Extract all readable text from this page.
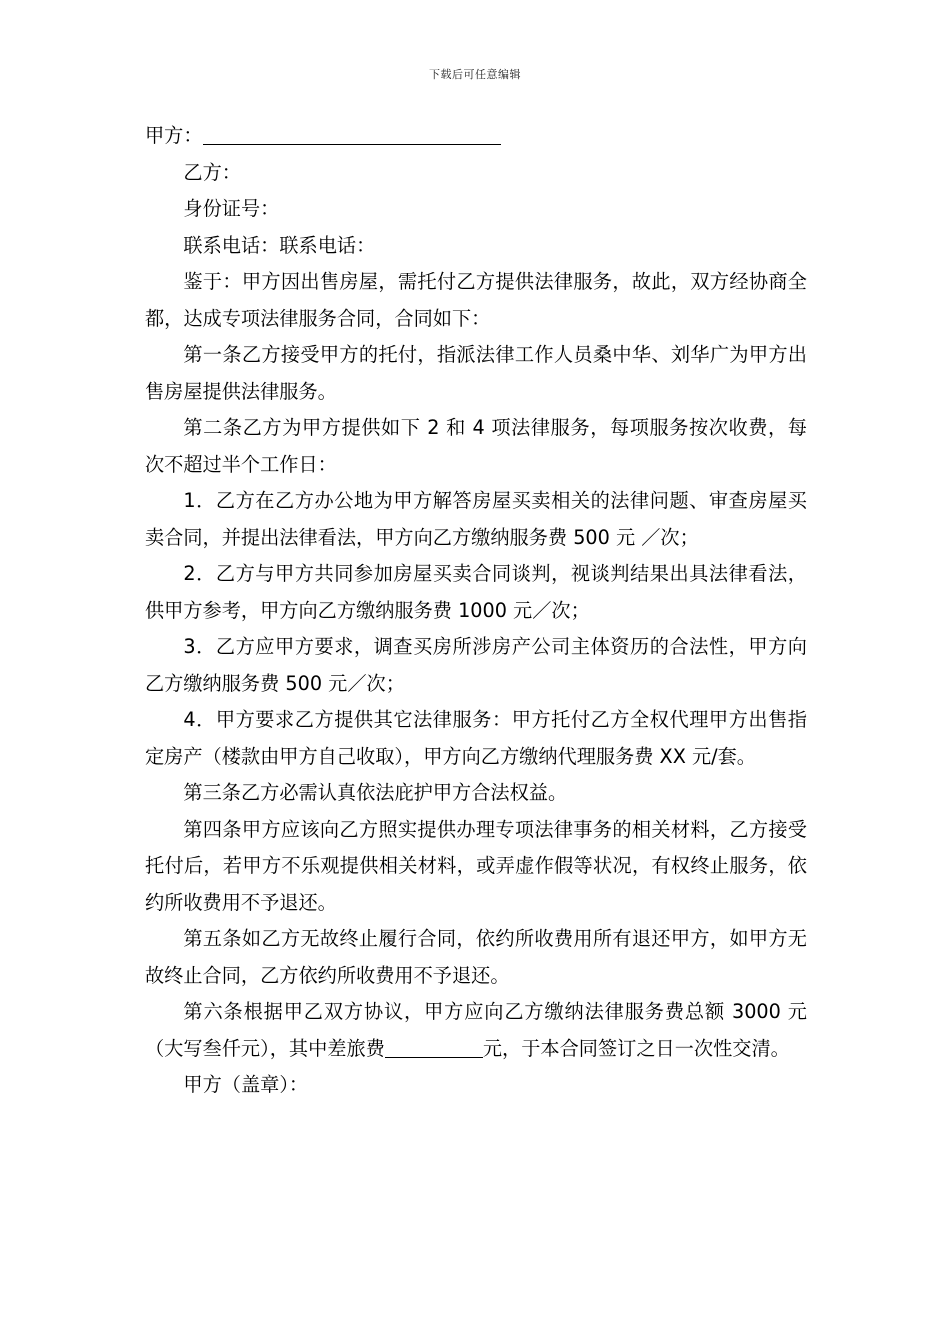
下载后可任意编辑

甲方：

乙方：

身份证号：

联系电话：联系电话：

鉴于：甲方因出售房屋，需托付乙方提供法律服务，故此，双方经协商全都，达成专项法律服务合同，合同如下：

第一条乙方接受甲方的托付，指派法律工作人员桑中华、刘华广为甲方出售房屋提供法律服务。

第二条乙方为甲方提供如下 2 和 4 项法律服务，每项服务按次收费，每次不超过半个工作日：

1．乙方在乙方办公地为甲方解答房屋买卖相关的法律问题、审查房屋买卖合同，并提出法律看法，甲方向乙方缴纳服务费 500 元 ／次；

2．乙方与甲方共同参加房屋买卖合同谈判，视谈判结果出具法律看法，供甲方参考，甲方向乙方缴纳服务费 1000 元／次；

3．乙方应甲方要求，调查买房所涉房产公司主体资历的合法性，甲方向乙方缴纳服务费 500 元／次；

4．甲方要求乙方提供其它法律服务：甲方托付乙方全权代理甲方出售指定房产（楼款由甲方自己收取），甲方向乙方缴纳代理服务费 XX 元/套。

第三条乙方必需认真依法庇护甲方合法权益。

第四条甲方应该向乙方照实提供办理专项法律事务的相关材料，乙方接受托付后，若甲方不乐观提供相关材料，或弄虚作假等状况，有权终止服务，依约所收费用不予退还。

第五条如乙方无故终止履行合同，依约所收费用所有退还甲方，如甲方无故终止合同，乙方依约所收费用不予退还。

第六条根据甲乙双方协议，甲方应向乙方缴纳法律服务费总额 3000 元（大写叁仟元），其中差旅费	元，于本合同签订之日一次性交清。

甲方（盖章）：
